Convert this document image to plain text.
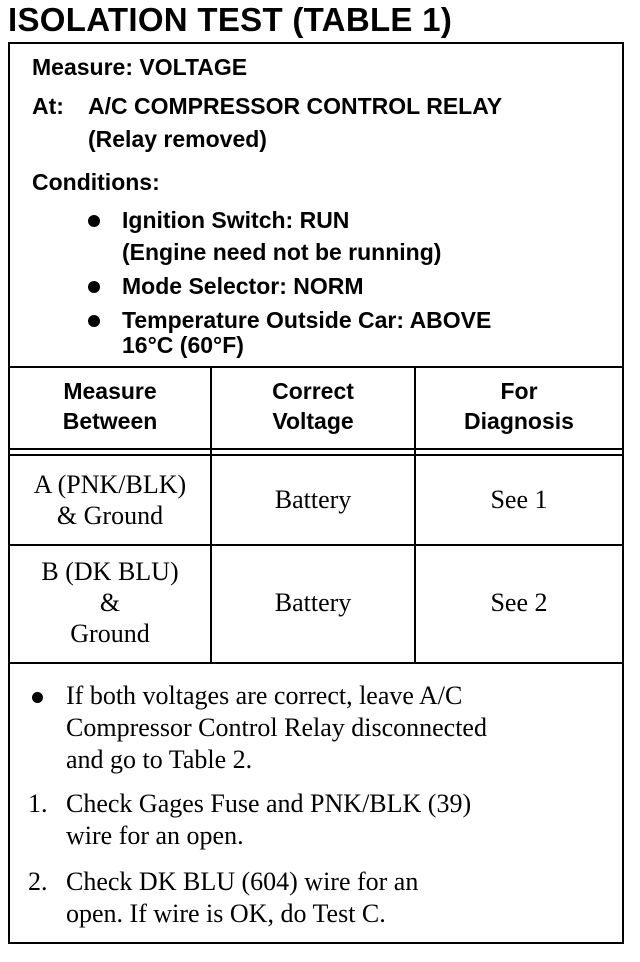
ISOLATION TEST (TABLE 1)
Measure: VOLTAGE
At: A/C COMPRESSOR CONTROL RELAY
(Relay removed)
Conditions:
Ignition Switch: RUN
(Engine need not be running)
Mode Selector: NORM
Temperature Outside Car: ABOVE
16°C (60°F)
Measure
Between
Correct
Voltage
For
Diagnosis
A (PNK/BLK)
& Ground
Battery	See 1
B (DK BLU)
&
Ground
Battery	See 2
If both voltages are correct, leave A/C
Compressor Control Relay disconnected
and go to Table 2.
1. Check Gages Fuse and PNK/BLK (39)
wire for an open.
2. Check DK BLU (604) wire for an
open. If wire is OK, do Test C.
